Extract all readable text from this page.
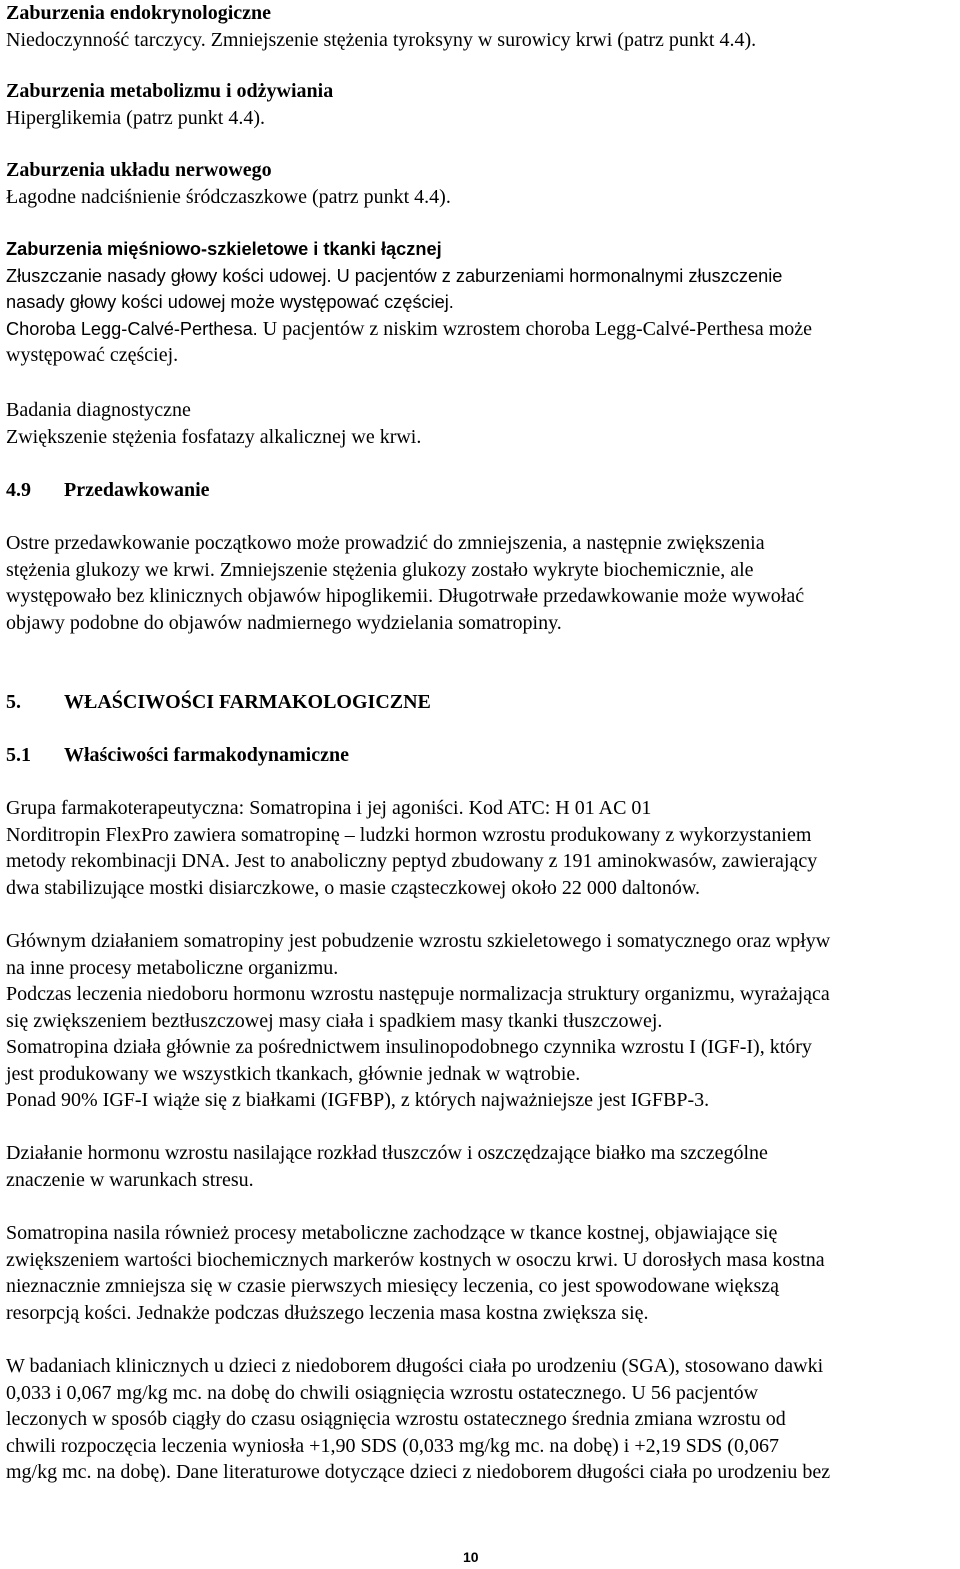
Zaburzenia endokrynologiczne
Niedoczynność tarczycy. Zmniejszenie stężenia tyroksyny w surowicy krwi (patrz punkt 4.4).
Zaburzenia metabolizmu i odżywiania
Hiperglikemia (patrz punkt 4.4).
Zaburzenia układu nerwowego
Łagodne nadciśnienie śródczaszkowe (patrz punkt 4.4).
Zaburzenia mięśniowo-szkieletowe i tkanki łącznej
Złuszczanie nasady głowy kości udowej. U pacjentów z zaburzeniami hormonalnymi złuszczenie
nasady głowy kości udowej może występować częściej.
Choroba Legg-Calvé-Perthesa. U pacjentów z niskim wzrostem choroba Legg-Calvé-Perthesa może
występować częściej.
Badania diagnostyczne
Zwiększenie stężenia fosfatazy alkalicznej we krwi.
4.9 Przedawkowanie
Ostre przedawkowanie początkowo może prowadzić do zmniejszenia, a następnie zwiększenia
stężenia glukozy we krwi. Zmniejszenie stężenia glukozy zostało wykryte biochemicznie, ale
występowało bez klinicznych objawów hipoglikemii. Długotrwałe przedawkowanie może wywołać
objawy podobne do objawów nadmiernego wydzielania somatropiny.
5. WŁAŚCIWOŚCI FARMAKOLOGICZNE
5.1 Właściwości farmakodynamiczne
Grupa farmakoterapeutyczna: Somatropina i jej agoniści. Kod ATC: H 01 AC 01
Norditropin FlexPro zawiera somatropinę – ludzki hormon wzrostu produkowany z wykorzystaniem
metody rekombinacji DNA. Jest to anaboliczny peptyd zbudowany z 191 aminokwasów, zawierający
dwa stabilizujące mostki disiarczkowe, o masie cząsteczkowej około 22 000 daltonów.
Głównym działaniem somatropiny jest pobudzenie wzrostu szkieletowego i somatycznego oraz wpływ
na inne procesy metaboliczne organizmu.
Podczas leczenia niedoboru hormonu wzrostu następuje normalizacja struktury organizmu, wyrażająca
się zwiększeniem beztłuszczowej masy ciała i spadkiem masy tkanki tłuszczowej.
Somatropina działa głównie za pośrednictwem insulinopodobnego czynnika wzrostu I (IGF-I), który
jest produkowany we wszystkich tkankach, głównie jednak w wątrobie.
Ponad 90% IGF-I wiąże się z białkami (IGFBP), z których najważniejsze jest IGFBP-3.
Działanie hormonu wzrostu nasilające rozkład tłuszczów i oszczędzające białko ma szczególne
znaczenie w warunkach stresu.
Somatropina nasila również procesy metaboliczne zachodzące w tkance kostnej, objawiające się
zwiększeniem wartości biochemicznych markerów kostnych w osoczu krwi. U dorosłych masa kostna
nieznacznie zmniejsza się w czasie pierwszych miesięcy leczenia, co jest spowodowane większą
resorpcją kości. Jednakże podczas dłuższego leczenia masa kostna zwiększa się.
W badaniach klinicznych u dzieci z niedoborem długości ciała po urodzeniu (SGA), stosowano dawki
0,033 i 0,067 mg/kg mc. na dobę do chwili osiągnięcia wzrostu ostatecznego. U 56 pacjentów
leczonych w sposób ciągły do czasu osiągnięcia wzrostu ostatecznego średnia zmiana wzrostu od
chwili rozpoczęcia leczenia wyniosła +1,90 SDS (0,033 mg/kg mc. na dobę) i +2,19 SDS (0,067
mg/kg mc. na dobę). Dane literaturowe dotyczące dzieci z niedoborem długości ciała po urodzeniu bez
10
